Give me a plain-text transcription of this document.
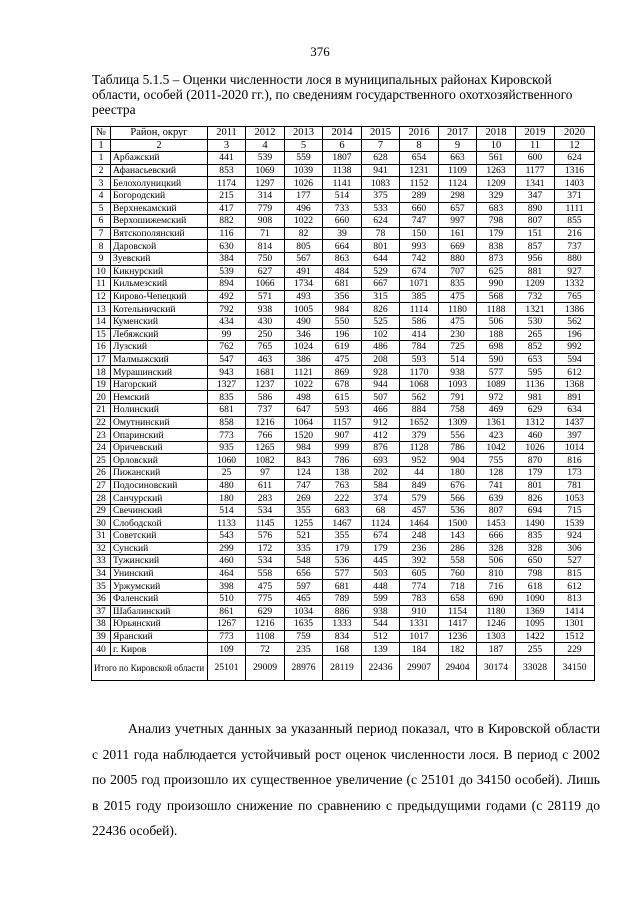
376
Таблица 5.1.5 – Оценки численности лося в муниципальных районах Кировской области, особей (2011-2020 гг.), по сведениям государственного охотхозяйственного реестра
№	Район, округ	2011	2012	2013	2014	2015	2016	2017	2018	2019	2020
1	2	3	4	5	6	7	8	9	10	11	12
1	Арбажский	441	539	559	1807	628	654	663	561	600	624
2	Афанасьевский	853	1069	1039	1138	941	1231	1109	1263	1177	1316
3	Белохолуницкий	1174	1297	1026	1141	1083	1152	1124	1209	1341	1403
4	Богородский	215	314	177	514	375	289	298	329	347	371
5	Верхнекамский	417	779	496	733	533	660	657	683	890	1111
6	Верхошижемский	882	908	1022	660	624	747	997	798	807	855
7	Вятскополянский	116	71	82	39	78	150	161	179	151	216
8	Даровской	630	814	805	664	801	993	669	838	857	737
9	Зуевский	384	750	567	863	644	742	880	873	956	880
10	Кикнурский	539	627	491	484	529	674	707	625	881	927
11	Кильмезский	894	1066	1734	681	667	1071	835	990	1209	1332
12	Кирово-Чепецкий	492	571	493	356	315	385	475	568	732	765
13	Котельничский	792	938	1005	984	826	1114	1180	1188	1321	1386
14	Куменский	434	430	490	550	525	586	475	506	530	562
15	Лебяжский	99	250	346	196	102	414	230	188	265	196
16	Лузский	762	765	1024	619	486	784	725	698	852	992
17	Малмыжский	547	463	386	475	208	593	514	590	653	594
18	Мурашинский	943	1681	1121	869	928	1170	938	577	595	612
19	Нагорский	1327	1237	1022	678	944	1068	1093	1089	1136	1368
20	Немский	835	586	498	615	507	562	791	972	981	891
21	Нолинский	681	737	647	593	466	884	758	469	629	634
22	Омутнинский	858	1216	1064	1157	912	1652	1309	1361	1312	1437
23	Опаринский	773	766	1520	907	412	379	556	423	460	397
24	Оричевский	935	1265	984	999	876	1128	786	1042	1026	1014
25	Орловский	1060	1082	843	786	693	952	904	755	870	816
26	Пижанский	25	97	124	138	202	44	180	128	179	173
27	Подосиновский	480	611	747	763	584	849	676	741	801	781
28	Санчурский	180	283	269	222	374	579	566	639	826	1053
29	Свечинский	514	534	355	683	68	457	536	807	694	715
30	Слободской	1133	1145	1255	1467	1124	1464	1500	1453	1490	1539
31	Советский	543	576	521	355	674	248	143	666	835	924
32	Сунский	299	172	335	179	179	236	286	328	328	306
33	Тужинский	460	534	548	536	445	392	558	506	650	527
34	Унинский	464	558	656	577	503	605	760	810	798	815
35	Уржумский	398	475	597	681	448	774	718	716	618	612
36	Фаленский	510	775	465	789	599	783	658	690	1090	813
37	Шабалинский	861	629	1034	886	938	910	1154	1180	1369	1414
38	Юрьянский	1267	1216	1635	1333	544	1331	1417	1246	1095	1301
39	Яранский	773	1108	759	834	512	1017	1236	1303	1422	1512
40	г. Киров	109	72	235	168	139	184	182	187	255	229
Итого по Кировской области		25101	29009	28976	28119	22436	29907	29404	30174	33028	34150

Анализ учетных данных за указанный период показал, что в Кировской области с 2011 года наблюдается устойчивый рост оценок численности лося. В период с 2002 по 2005 год произошло их существенное увеличение (с 25101 до 34150 особей). Лишь в 2015 году произошло снижение по сравнению с предыдущими годами (с 28119 до 22436 особей).
